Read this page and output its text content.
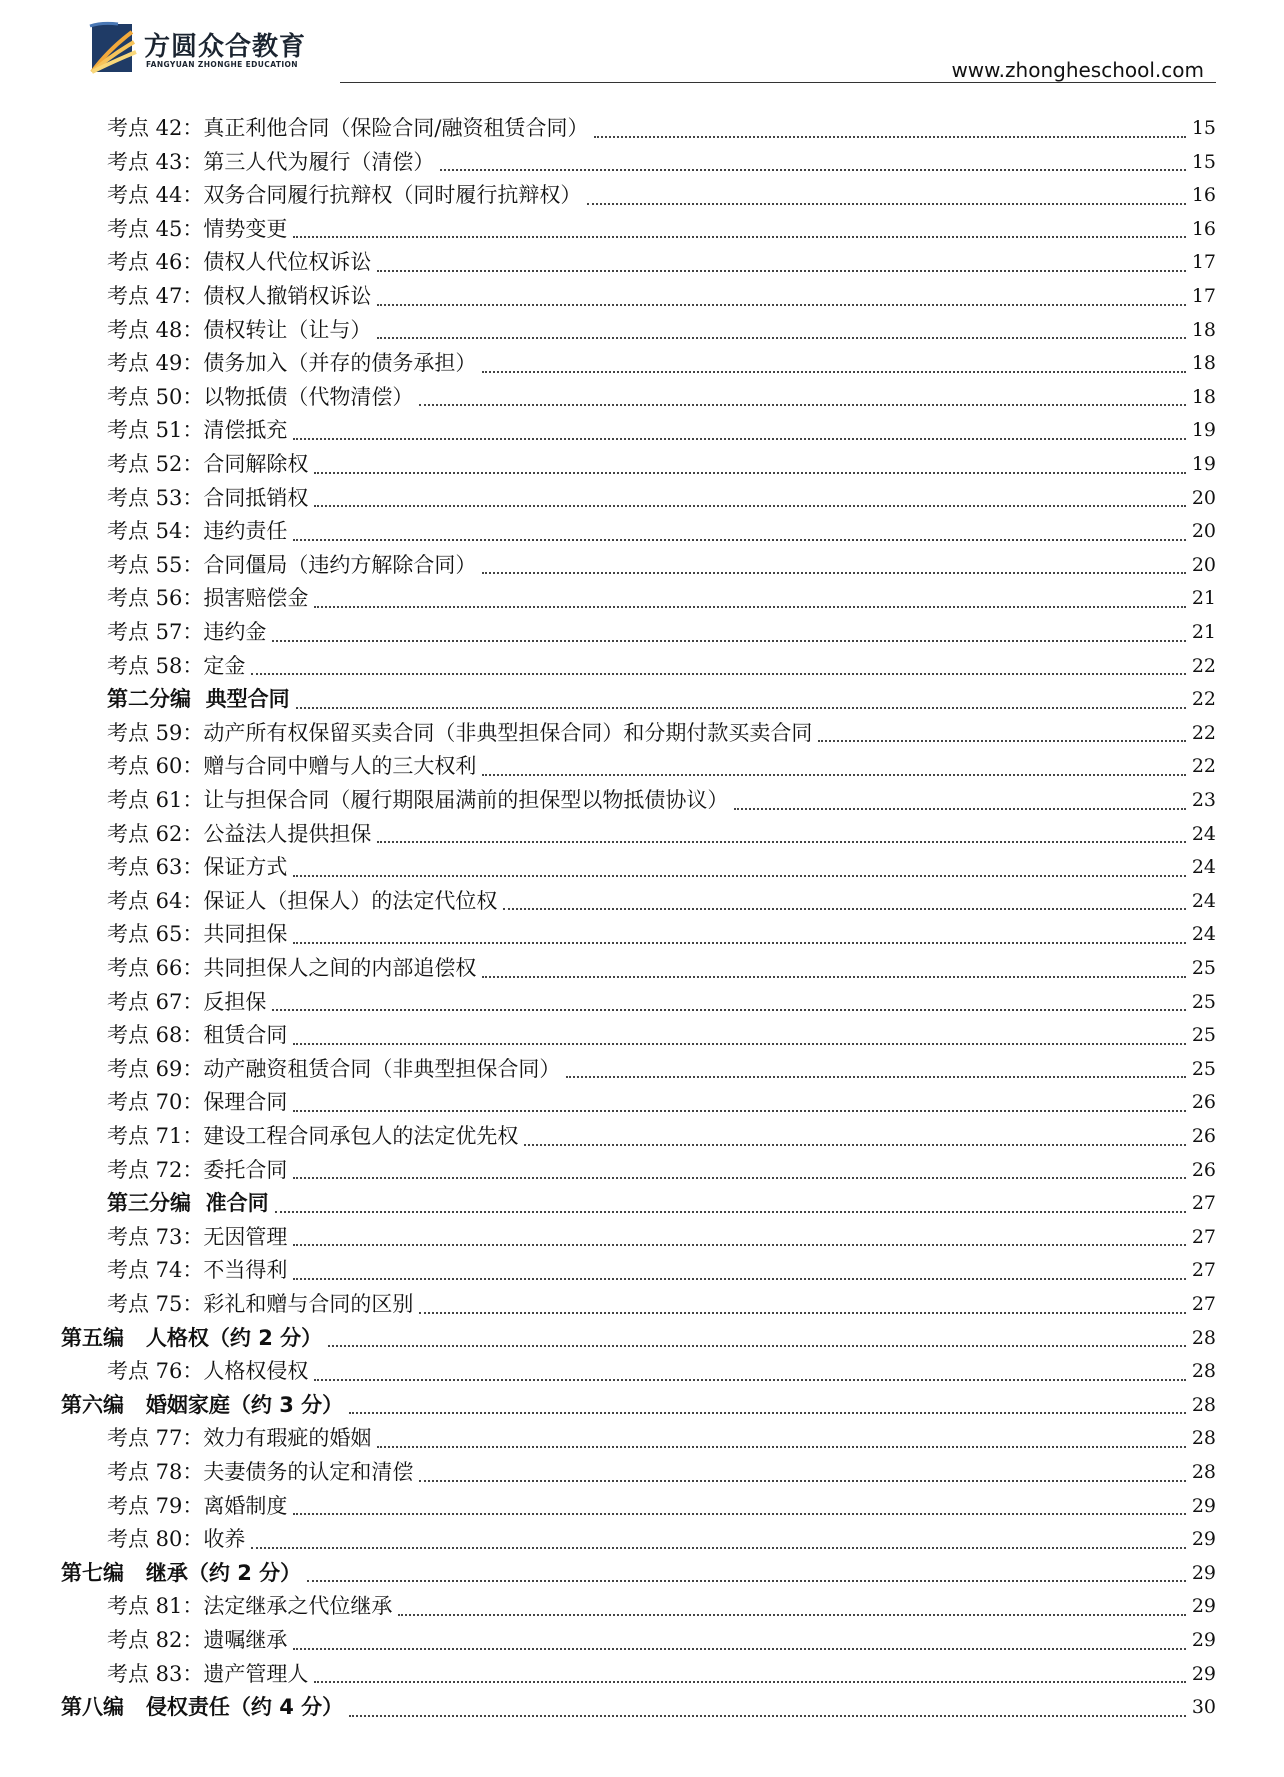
方圆众合教育
FANGYUAN ZHONGHE EDUCATION	www.zhongheschool.com
考点 42：真正利他合同（保险合同/融资租赁合同）	15
考点 43：第三人代为履行（清偿）	15
考点 44：双务合同履行抗辩权（同时履行抗辩权）	16
考点 45：情势变更	16
考点 46：债权人代位权诉讼	17
考点 47：债权人撤销权诉讼	17
考点 48：债权转让（让与）	18
考点 49：债务加入（并存的债务承担）	18
考点 50：以物抵债（代物清偿）	18
考点 51：清偿抵充	19
考点 52：合同解除权	19
考点 53：合同抵销权	20
考点 54：违约责任	20
考点 55：合同僵局（违约方解除合同）	20
考点 56：损害赔偿金	21
考点 57：违约金	21
考点 58：定金	22
第二分编  典型合同	22
考点 59：动产所有权保留买卖合同（非典型担保合同）和分期付款买卖合同	22
考点 60：赠与合同中赠与人的三大权利	22
考点 61：让与担保合同（履行期限届满前的担保型以物抵债协议）	23
考点 62：公益法人提供担保	24
考点 63：保证方式	24
考点 64：保证人（担保人）的法定代位权	24
考点 65：共同担保	24
考点 66：共同担保人之间的内部追偿权	25
考点 67：反担保	25
考点 68：租赁合同	25
考点 69：动产融资租赁合同（非典型担保合同）	25
考点 70：保理合同	26
考点 71：建设工程合同承包人的法定优先权	26
考点 72：委托合同	26
第三分编  准合同	27
考点 73：无因管理	27
考点 74：不当得利	27
考点 75：彩礼和赠与合同的区别	27
第五编   人格权（约 2 分）	28
考点 76：人格权侵权	28
第六编   婚姻家庭（约 3 分）	28
考点 77：效力有瑕疵的婚姻	28
考点 78：夫妻债务的认定和清偿	28
考点 79：离婚制度	29
考点 80：收养	29
第七编   继承（约 2 分）	29
考点 81：法定继承之代位继承	29
考点 82：遗嘱继承	29
考点 83：遗产管理人	29
第八编   侵权责任（约 4 分）	30
